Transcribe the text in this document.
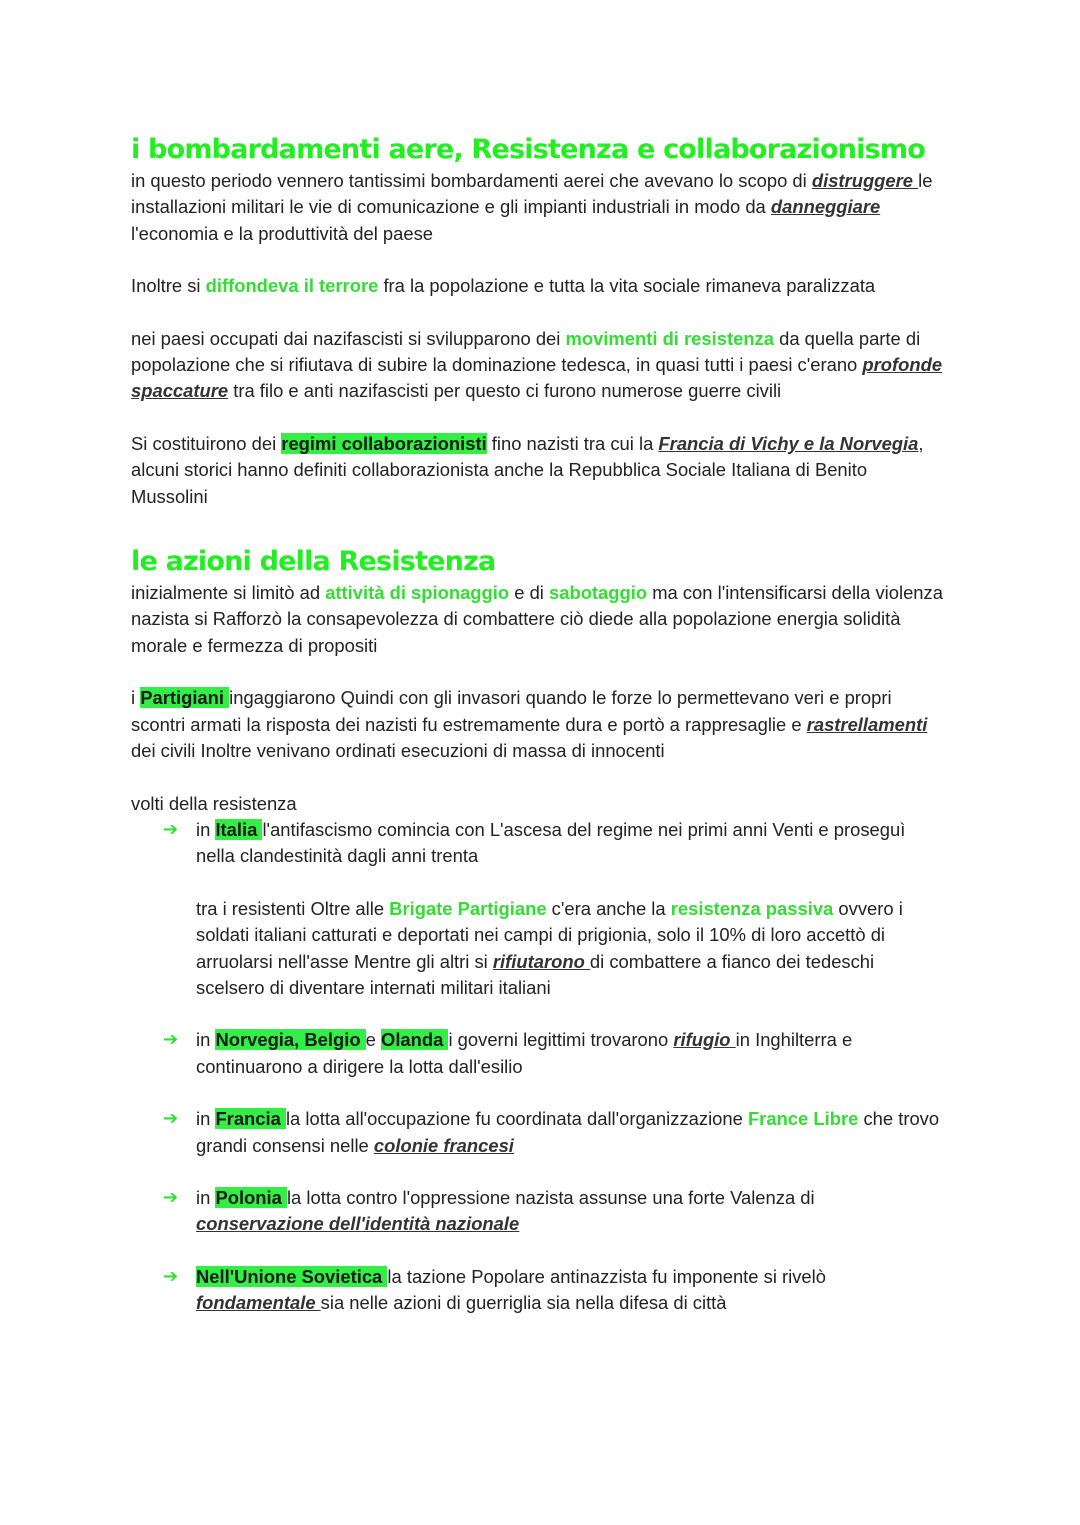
i bombardamenti aere, Resistenza e collaborazionismo

in questo periodo vennero tantissimi bombardamenti aerei che avevano lo scopo di distruggere le installazioni militari le vie di comunicazione e gli impianti industriali in modo da danneggiare l'economia e la produttività del paese

Inoltre si diffondeva il terrore fra la popolazione e tutta la vita sociale rimaneva paralizzata

nei paesi occupati dai nazifascisti si svilupparono dei movimenti di resistenza da quella parte di popolazione che si rifiutava di subire la dominazione tedesca, in quasi tutti i paesi c'erano profonde spaccature tra filo e anti nazifascisti per questo ci furono numerose guerre civili

Si costituirono dei regimi collaborazionisti fino nazisti tra cui la Francia di Vichy e la Norvegia, alcuni storici hanno definiti collaborazionista anche la Repubblica Sociale Italiana di Benito Mussolini

le azioni della Resistenza

inizialmente si limitò ad attività di spionaggio e di sabotaggio ma con l'intensificarsi della violenza nazista si Rafforzò la consapevolezza di combattere ciò diede alla popolazione energia solidità morale e fermezza di propositi

i Partigiani ingaggiarono Quindi con gli invasori quando le forze lo permettevano veri e propri scontri armati la risposta dei nazisti fu estremamente dura e portò a rappresaglie e rastrellamenti dei civili Inoltre venivano ordinati esecuzioni di massa di innocenti

volti della resistenza

➔ in Italia l'antifascismo comincia con L'ascesa del regime nei primi anni Venti e proseguì nella clandestinità dagli anni trenta

tra i resistenti Oltre alle Brigate Partigiane c'era anche la resistenza passiva ovvero i soldati italiani catturati e deportati nei campi di prigionia, solo il 10% di loro accettò di arruolarsi nell'asse Mentre gli altri si rifiutarono di combattere a fianco dei tedeschi scelsero di diventare internati militari italiani

➔ in Norvegia, Belgio e Olanda i governi legittimi trovarono rifugio in Inghilterra e continuarono a dirigere la lotta dall'esilio
➔ in Francia la lotta all'occupazione fu coordinata dall'organizzazione France Libre che trovo grandi consensi nelle colonie francesi
➔ in Polonia la lotta contro l'oppressione nazista assunse una forte Valenza di conservazione dell'identità nazionale
➔ Nell'Unione Sovietica la tazione Popolare antinazzista fu imponente si rivelò fondamentale sia nelle azioni di guerriglia sia nella difesa di città
